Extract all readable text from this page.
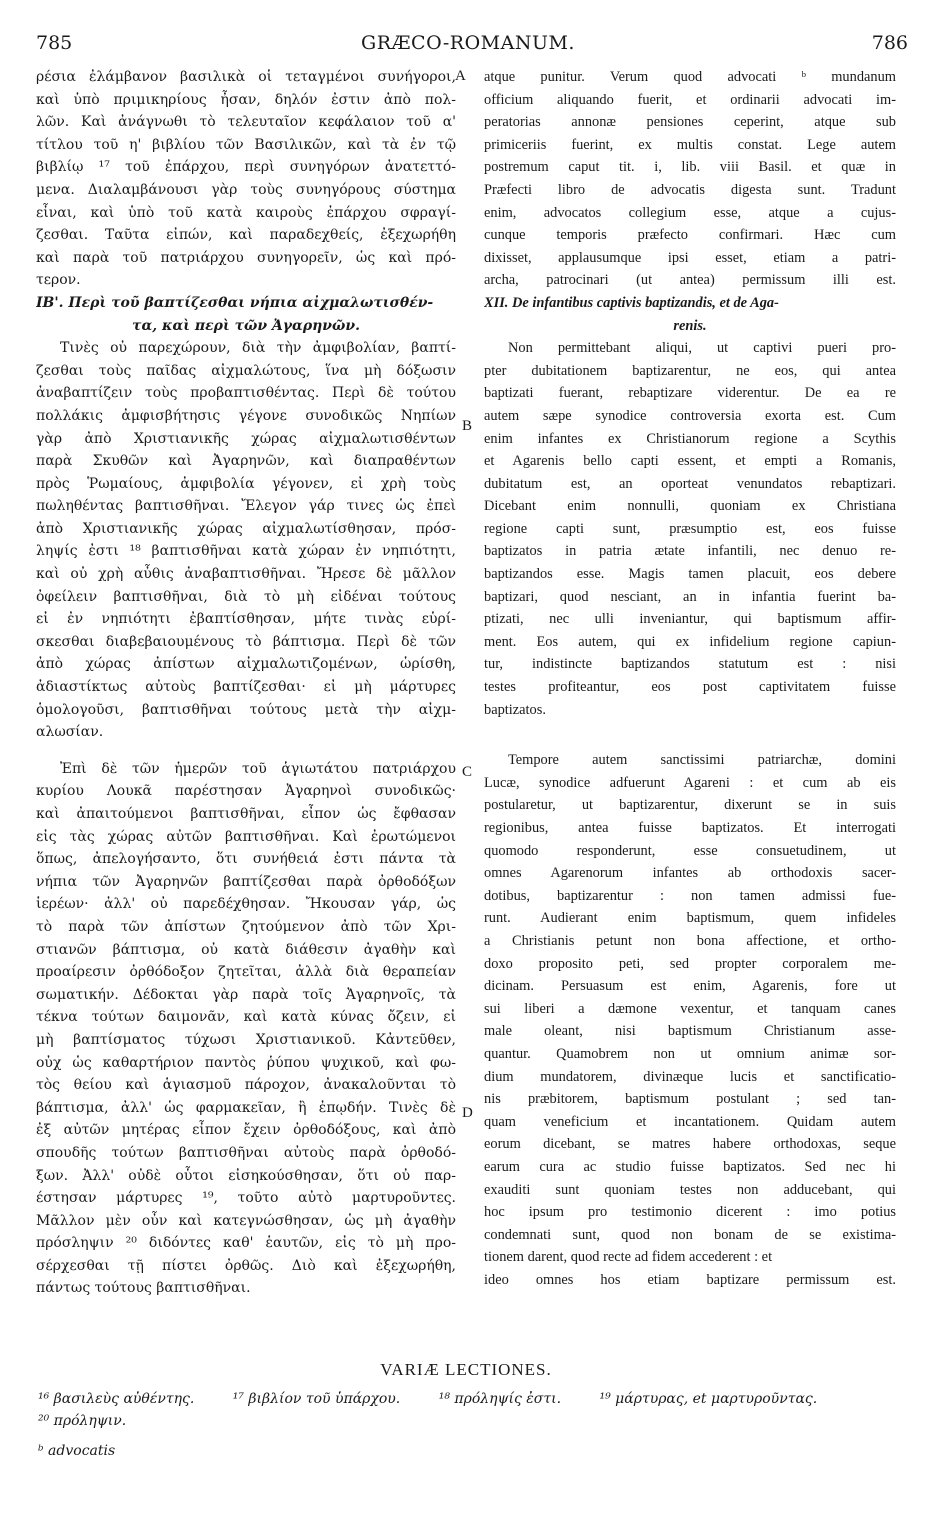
785	GRÆCO-ROMANUM.	786
ρέσια ἐλάμβανον βασιλικὰ οἱ τεταγμένοι συνήγοροι,
καὶ ὑπὸ πριμικηρίους ἦσαν, δηλόν ἐστιν ἀπὸ πολ-
λῶν. Καὶ ἀνάγνωθι τὸ τελευταῖον κεφάλαιον τοῦ α'
τίτλου τοῦ η' βιβλίου τῶν Βασιλικῶν, καὶ τὰ ἐν τῷ
βιβλίῳ ¹⁷ τοῦ ἐπάρχου, περὶ συνηγόρων ἀνατεττό-
μενα. Διαλαμβάνουσι γὰρ τοὺς συνηγόρους σύστημα
εἶναι, καὶ ὑπὸ τοῦ κατὰ καιροὺς ἐπάρχου σφραγί-
ζεσθαι. Ταῦτα εἰπών, καὶ παραδεχθείς, ἐξεχωρήθη
καὶ παρὰ τοῦ πατριάρχου συνηγορεῖν, ὡς καὶ πρό-
τερον.
ΙΒ'. Περὶ τοῦ βαπτίζεσθαι νήπια αἰχμαλωτισθέν-
τα, καὶ περὶ τῶν Ἀγαρηνῶν.
Τινὲς οὐ παρεχώρουν, διὰ τὴν ἀμφιβολίαν, βαπτί-
ζεσθαι τοὺς παῖδας αἰχμαλώτους, ἵνα μὴ δόξωσιν
ἀναβαπτίζειν τοὺς προβαπτισθέντας. Περὶ δὲ τούτου
πολλάκις ἀμφισβήτησις γέγονε συνοδικῶς Νηπίων
γὰρ ἀπὸ Χριστιανικῆς χώρας αἰχμαλωτισθέντων
παρὰ Σκυθῶν καὶ Ἀγαρηνῶν, καὶ διαπραθέντων
πρὸς Ῥωμαίους, ἀμφιβολία γέγονεν, εἰ χρὴ τοὺς
πωληθέντας βαπτισθῆναι. Ἔλεγον γάρ τινες ὡς ἐπεὶ
ἀπὸ Χριστιανικῆς χώρας αἰχμαλωτίσθησαν, πρόσ-
ληψίς ἐστι ¹⁸ βαπτισθῆναι κατὰ χώραν ἐν νηπιότητι,
καὶ οὐ χρὴ αὖθις ἀναβαπτισθῆναι. Ἤρεσε δὲ μᾶλλον
ὀφείλειν βαπτισθῆναι, διὰ τὸ μὴ εἰδέναι τούτους
εἰ ἐν νηπιότητι ἐβαπτίσθησαν, μήτε τινὰς εὑρί-
σκεσθαι διαβεβαιουμένους τὸ βάπτισμα. Περὶ δὲ τῶν
ἀπὸ χώρας ἀπίστων αἰχμαλωτιζομένων, ὡρίσθη,
ἀδιαστίκτως αὐτοὺς βαπτίζεσθαι· εἰ μὴ μάρτυρες
ὁμολογοῦσι, βαπτισθῆναι τούτους μετὰ τὴν αἰχμ-
αλωσίαν.
Ἐπὶ δὲ τῶν ἡμερῶν τοῦ ἁγιωτάτου πατριάρχου
κυρίου Λουκᾶ παρέστησαν Ἀγαρηνοὶ συνοδικῶς·
καὶ ἀπαιτούμενοι βαπτισθῆναι, εἶπον ὡς ἔφθασαν
εἰς τὰς χώρας αὐτῶν βαπτισθῆναι. Καὶ ἐρωτώμενοι
ὅπως, ἀπελογήσαντο, ὅτι συνήθειά ἐστι πάντα τὰ
νήπια τῶν Ἀγαρηνῶν βαπτίζεσθαι παρὰ ὀρθοδόξων
ἱερέων· ἀλλ' οὐ παρεδέχθησαν. Ἤκουσαν γάρ, ὡς
τὸ παρὰ τῶν ἀπίστων ζητούμενον ἀπὸ τῶν Χρι-
στιανῶν βάπτισμα, οὐ κατὰ διάθεσιν ἀγαθὴν καὶ
προαίρεσιν ὀρθόδοξον ζητεῖται, ἀλλὰ διὰ θεραπείαν
σωματικήν. Δέδοκται γὰρ παρὰ τοῖς Ἀγαρηνοῖς, τὰ
τέκνα τούτων δαιμονᾶν, καὶ κατὰ κύνας ὄζειν, εἰ
μὴ βαπτίσματος τύχωσι Χριστιανικοῦ. Κἀντεῦθεν,
οὐχ ὡς καθαρτήριον παντὸς ῥύπου ψυχικοῦ, καὶ φω-
τὸς θείου καὶ ἁγιασμοῦ πάροχον, ἀνακαλοῦνται τὸ
βάπτισμα, ἀλλ' ὡς φαρμακεῖαν, ἢ ἐπῳδήν. Τινὲς δὲ
ἐξ αὐτῶν μητέρας εἶπον ἔχειν ὀρθοδόξους, καὶ ἀπὸ
σπουδῆς τούτων βαπτισθῆναι αὐτοὺς παρὰ ὀρθοδό-
ξων. Ἀλλ' οὐδὲ οὗτοι εἰσηκούσθησαν, ὅτι οὐ παρ-
έστησαν μάρτυρες ¹⁹, τοῦτο αὐτὸ μαρτυροῦντες.
Μᾶλλον μὲν οὖν καὶ κατεγνώσθησαν, ὡς μὴ ἀγαθὴν
πρόσληψιν ²⁰ διδόντες καθ' ἑαυτῶν, εἰς τὸ μὴ προ-
σέρχεσθαι τῇ πίστει ὀρθῶς. Διὸ καὶ ἐξεχωρήθη,
πάντως τούτους βαπτισθῆναι.
atque punitur. Verum quod advocati ᵇ mundanum
officium aliquando fuerit, et ordinarii advocati im-
peratorias annonæ pensiones ceperint, atque sub
primiceriis fuerint, ex multis constat. Lege autem
postremum caput tit. i, lib. viii Basil. et quæ in
Præfecti libro de advocatis digesta sunt. Tradunt
enim, advocatos collegium esse, atque a cujus-
cunque temporis præfecto confirmari. Hæc cum
dixisset, applausumque ipsi esset, etiam a patri-
archa, patrocinari (ut antea) permissum illi est.
XII. De infantibus captivis baptizandis, et de Aga-
renis.
Non permittebant aliqui, ut captivi pueri pro-
pter dubitationem baptizarentur, ne eos, qui antea
baptizati fuerant, rebaptizare viderentur. De ea re
autem sæpe synodice controversia exorta est. Cum
enim infantes ex Christianorum regione a Scythis
et Agarenis bello capti essent, et empti a Romanis,
dubitatum est, an oporteat venundatos rebaptizari.
Dicebant enim nonnulli, quoniam ex Christiana
regione capti sunt, præsumptio est, eos fuisse
baptizatos in patria ætate infantili, nec denuo re-
baptizandos esse. Magis tamen placuit, eos debere
baptizari, quod nesciant, an in infantia fuerint ba-
ptizati, nec ulli inveniantur, qui baptismum affir-
ment. Eos autem, qui ex infidelium regione capiun-
tur, indistincte baptizandos statutum est : nisi
testes profiteantur, eos post captivitatem fuisse
baptizatos.
Tempore autem sanctissimi patriarchæ, domini
Lucæ, synodice adfuerunt Agareni : et cum ab eis
postularetur, ut baptizarentur, dixerunt se in suis
regionibus, antea fuisse baptizatos. Et interrogati
quomodo responderunt, esse consuetudinem, ut
omnes Agarenorum infantes ab orthodoxis sacer-
dotibus, baptizarentur : non tamen admissi fue-
runt. Audierant enim baptismum, quem infideles
a Christianis petunt non bona affectione, et ortho-
doxo proposito peti, sed propter corporalem me-
dicinam. Persuasum est enim, Agarenis, fore ut
sui liberi a dæmone vexentur, et tanquam canes
male oleant, nisi baptismum Christianum asse-
quantur. Quamobrem non ut omnium animæ sor-
dium mundatorem, divinæque lucis et sanctificatio-
nis præbitorem, baptismum postulant ; sed tan-
quam veneficium et incantationem. Quidam autem
eorum dicebant, se matres habere orthodoxas, seque
earum cura ac studio fuisse baptizatos. Sed nec hi
exauditi sunt quoniam testes non adducebant, qui
hoc ipsum pro testimonio dicerent : imo potius
condemnati sunt, quod non bonam de se existima-
tionem darent, quod recte ad fidem accederent : et
ideo omnes hos etiam baptizare permissum est.
A
B
C
D
VARIÆ LECTIONES.
¹⁶ βασιλεὺς αὐθέντης.	¹⁷ βιβλίον τοῦ ὑπάρχου.	¹⁸ πρόληψίς ἐστι.	¹⁹ μάρτυρας, et μαρτυροῦντας.
²⁰ πρόληψιν.
ᵇ advocatis
